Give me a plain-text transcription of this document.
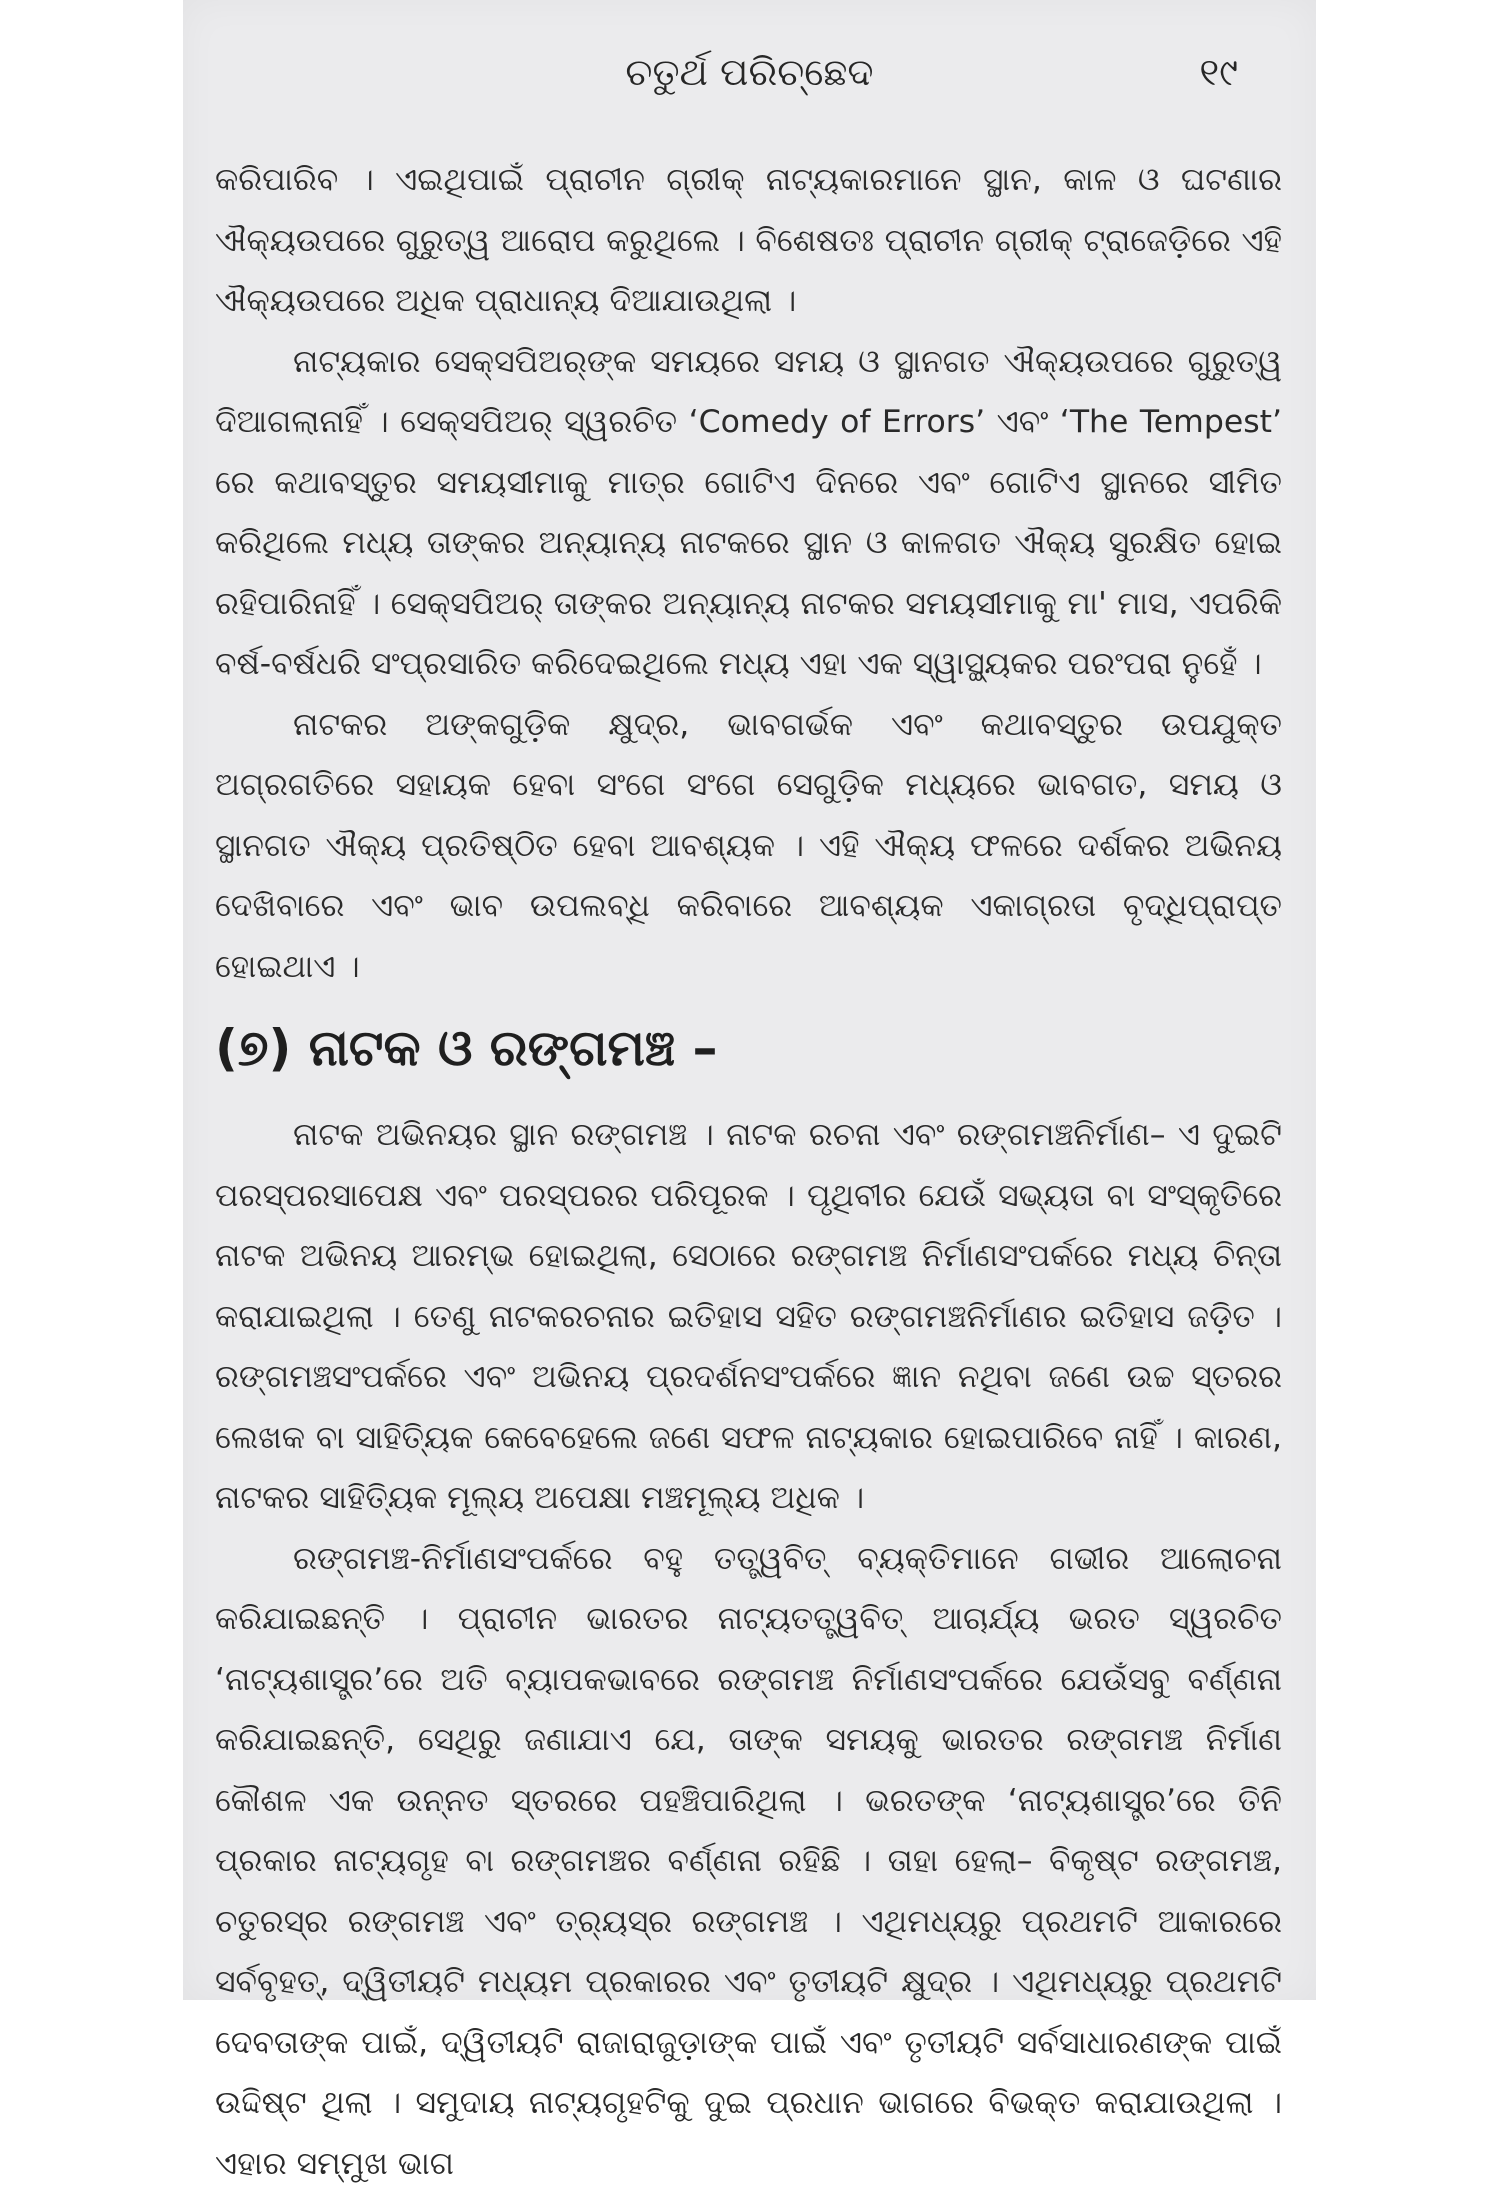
ଚତୁର୍ଥ ପରିଚ୍ଛେଦ	୧୯

କରିପାରିବ । ଏଇଥିପାଇଁ ପ୍ରାଚୀନ ଗ୍ରୀକ୍ ନାଟ୍ୟକାରମାନେ ସ୍ଥାନ, କାଳ ଓ ଘଟଣାର ଐକ୍ୟଉପରେ ଗୁରୁତ୍ୱ ଆରୋପ କରୁଥିଲେ । ବିଶେଷତଃ ପ୍ରାଚୀନ ଗ୍ରୀକ୍ ଟ୍ରାଜେଡ଼ିରେ ଏହି ଐକ୍ୟଉପରେ ଅଧିକ ପ୍ରାଧାନ୍ୟ ଦିଆଯାଉଥିଲା ।

ନାଟ୍ୟକାର ସେକ୍ସପିଅର୍‌ଙ୍କ ସମୟରେ ସମୟ ଓ ସ୍ଥାନଗତ ଐକ୍ୟଉପରେ ଗୁରୁତ୍ୱ ଦିଆଗଲାନାହିଁ । ସେକ୍ସପିଅର୍ ସ୍ୱରଚିତ ‘Comedy of Errors’ ଏବଂ ‘The Tempest’ ରେ କଥାବସ୍ତୁର ସମୟସୀମାକୁ ମାତ୍ର ଗୋଟିଏ ଦିନରେ ଏବଂ ଗୋଟିଏ ସ୍ଥାନରେ ସୀମିତ କରିଥିଲେ ମଧ୍ୟ ତାଙ୍କର ଅନ୍ୟାନ୍ୟ ନାଟକରେ ସ୍ଥାନ ଓ କାଳଗତ ଐକ୍ୟ ସୁରକ୍ଷିତ ହୋଇ ରହିପାରିନାହିଁ । ସେକ୍ସପିଅର୍ ତାଙ୍କର ଅନ୍ୟାନ୍ୟ ନାଟକର ସମୟସୀମାକୁ ମା' ମାସ, ଏପରିକି ବର୍ଷ-ବର୍ଷଧରି ସଂପ୍ରସାରିତ କରିଦେଇଥିଲେ ମଧ୍ୟ ଏହା ଏକ ସ୍ୱାସ୍ଥ୍ୟକର ପରଂପରା ନୁହେଁ ।

ନାଟକର ଅଙ୍କଗୁଡ଼ିକ କ୍ଷୁଦ୍ର, ଭାବଗର୍ଭକ ଏବଂ କଥାବସ୍ତୁର ଉପଯୁକ୍ତ ଅଗ୍ରଗତିରେ ସହାୟକ ହେବା ସଂଗେ ସଂଗେ ସେଗୁଡ଼ିକ ମଧ୍ୟରେ ଭାବଗତ, ସମୟ ଓ ସ୍ଥାନଗତ ଐକ୍ୟ ପ୍ରତିଷ୍ଠିତ ହେବା ଆବଶ୍ୟକ । ଏହି ଐକ୍ୟ ଫଳରେ ଦର୍ଶକର ଅଭିନୟ ଦେଖିବାରେ ଏବଂ ଭାବ ଉପଲବ୍ଧି କରିବାରେ ଆବଶ୍ୟକ ଏକାଗ୍ରତା ବୃଦ୍ଧିପ୍ରାପ୍ତ ହୋଇଥାଏ ।

(୭) ନାଟକ ଓ ରଙ୍ଗମଞ୍ଚ –

ନାଟକ ଅଭିନୟର ସ୍ଥାନ ରଙ୍ଗମଞ୍ଚ । ନାଟକ ରଚନା ଏବଂ ରଙ୍ଗମଞ୍ଚନିର୍ମାଣ– ଏ ଦୁଇଟି ପରସ୍ପରସାପେକ୍ଷ ଏବଂ ପରସ୍ପରର ପରିପୂରକ । ପୃଥିବୀର ଯେଉଁ ସଭ୍ୟତା ବା ସଂସ୍କୃତିରେ ନାଟକ ଅଭିନୟ ଆରମ୍ଭ ହୋଇଥିଲା, ସେଠାରେ ରଙ୍ଗମଞ୍ଚ ନିର୍ମାଣସଂପର୍କରେ ମଧ୍ୟ ଚିନ୍ତା କରାଯାଇଥିଲା । ତେଣୁ ନାଟକରଚନାର ଇତିହାସ ସହିତ ରଙ୍ଗମଞ୍ଚନିର୍ମାଣର ଇତିହାସ ଜଡ଼ିତ । ରଙ୍ଗମଞ୍ଚସଂପର୍କରେ ଏବଂ ଅଭିନୟ ପ୍ରଦର୍ଶନସଂପର୍କରେ ଜ୍ଞାନ ନଥିବା ଜଣେ ଉଚ୍ଚ ସ୍ତରର ଲେଖକ ବା ସାହିତ୍ୟିକ କେବେହେଲେ ଜଣେ ସଫଳ ନାଟ୍ୟକାର ହୋଇପାରିବେ ନାହିଁ । କାରଣ, ନାଟକର ସାହିତ୍ୟିକ ମୂଲ୍ୟ ଅପେକ୍ଷା ମଞ୍ଚମୂଲ୍ୟ ଅଧିକ ।

ରଙ୍ଗମଞ୍ଚ-ନିର୍ମାଣସଂପର୍କରେ ବହୁ ତତ୍ତ୍ୱବିତ୍ ବ୍ୟକ୍ତିମାନେ ଗଭୀର ଆଲୋଚନା କରିଯାଇଛନ୍ତି । ପ୍ରାଚୀନ ଭାରତର ନାଟ୍ୟତତ୍ତ୍ୱବିତ୍ ଆଚାର୍ଯ୍ୟ ଭରତ ସ୍ୱରଚିତ ‘ନାଟ୍ୟଶାସ୍ତ୍ର’ରେ ଅତି ବ୍ୟାପକଭାବରେ ରଙ୍ଗମଞ୍ଚ ନିର୍ମାଣସଂପର୍କରେ ଯେଉଁସବୁ ବର୍ଣ୍ଣନା କରିଯାଇଛନ୍ତି, ସେଥିରୁ ଜଣାଯାଏ ଯେ, ତାଙ୍କ ସମୟକୁ ଭାରତର ରଙ୍ଗମଞ୍ଚ ନିର୍ମାଣ କୌଶଳ ଏକ ଉନ୍ନତ ସ୍ତରରେ ପହଞ୍ଚିପାରିଥିଲା । ଭରତଙ୍କ ‘ନାଟ୍ୟଶାସ୍ତ୍ର’ରେ ତିନି ପ୍ରକାର ନାଟ୍ୟଗୃହ ବା ରଙ୍ଗମଞ୍ଚର ବର୍ଣ୍ଣନା ରହିଛି । ତାହା ହେଲା– ବିକୃଷ୍ଟ ରଙ୍ଗମଞ୍ଚ, ଚତୁରସ୍ର ରଙ୍ଗମଞ୍ଚ ଏବଂ ତ୍ର୍ୟସ୍ର ରଙ୍ଗମଞ୍ଚ । ଏଥିମଧ୍ୟରୁ ପ୍ରଥମଟି ଆକାରରେ ସର୍ବବୃହତ୍, ଦ୍ୱିତୀୟଟି ମଧ୍ୟମ ପ୍ରକାରର ଏବଂ ତୃତୀୟଟି କ୍ଷୁଦ୍ର । ଏଥିମଧ୍ୟରୁ ପ୍ରଥମଟି ଦେବତାଙ୍କ ପାଇଁ, ଦ୍ୱିତୀୟଟି ରାଜାରାଜୁଡ଼ାଙ୍କ ପାଇଁ ଏବଂ ତୃତୀୟଟି ସର୍ବସାଧାରଣଙ୍କ ପାଇଁ ଉଦ୍ଦିଷ୍ଟ ଥିଲା । ସମୁଦାୟ ନାଟ୍ୟଗୃହଟିକୁ ଦୁଇ ପ୍ରଧାନ ଭାଗରେ ବିଭକ୍ତ କରାଯାଉଥିଲା । ଏହାର ସମ୍ମୁଖ ଭାଗ
